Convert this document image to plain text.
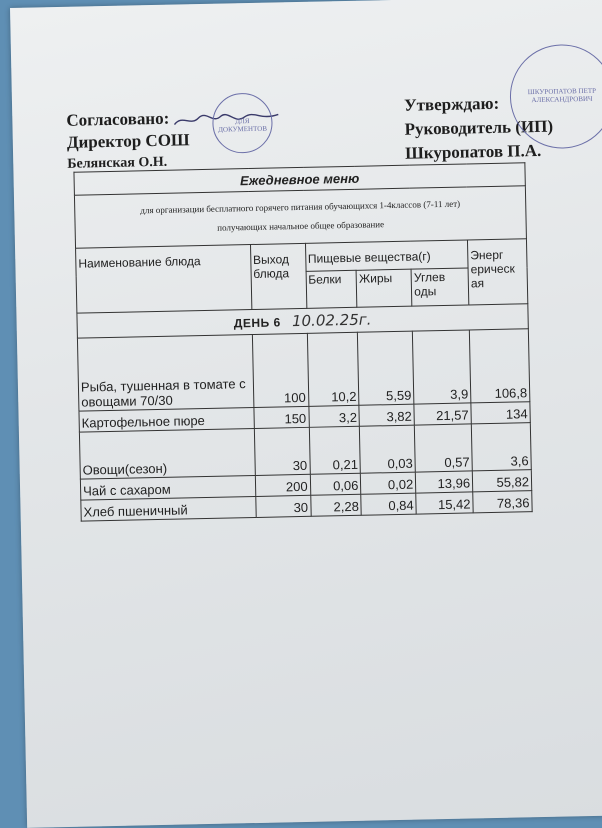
Согласовано:
Директор СОШ
Белянская О.Н.
ДЛЯ ДОКУМЕНТОВ
Утверждаю:
Руководитель (ИП)
Шкуропатов П.А.
ШКУРОПАТОВ ПЕТР АЛЕКСАНДРОВИЧ
Ежедневное меню					

для организации бесплатного горячего питания обучающихся 1-4классов (7-11 лет)
получающих начальное общее образование					

Наименование блюда	Выход блюда	Пищевые вещества(г)			Энерг ерическ ая
		Белки	Жиры	Углев оды	
ДЕНЬ 6 10.02.25г.					
Рыба, тушенная в томате с овощами 70/30	100	10,2	5,59	3,9	106,8
Картофельное пюре	150	3,2	3,82	21,57	134
Овощи(сезон)	30	0,21	0,03	0,57	3,6
Чай с сахаром	200	0,06	0,02	13,96	55,82
Хлеб пшеничный	30	2,28	0,84	15,42	78,36
